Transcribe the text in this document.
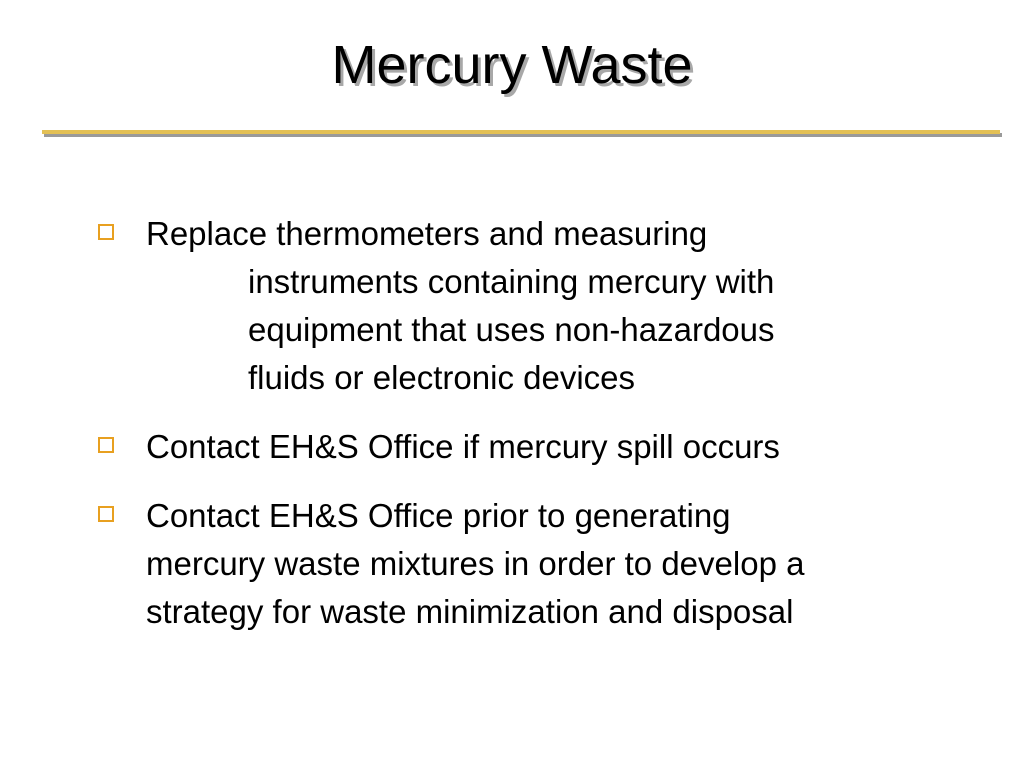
Mercury Waste
Replace thermometers and measuring
instruments containing mercury with
equipment that uses non-hazardous
fluids or electronic devices
Contact EH&S Office if mercury spill occurs
Contact EH&S Office prior to generating
mercury waste mixtures in order to develop a
strategy for waste minimization and disposal
